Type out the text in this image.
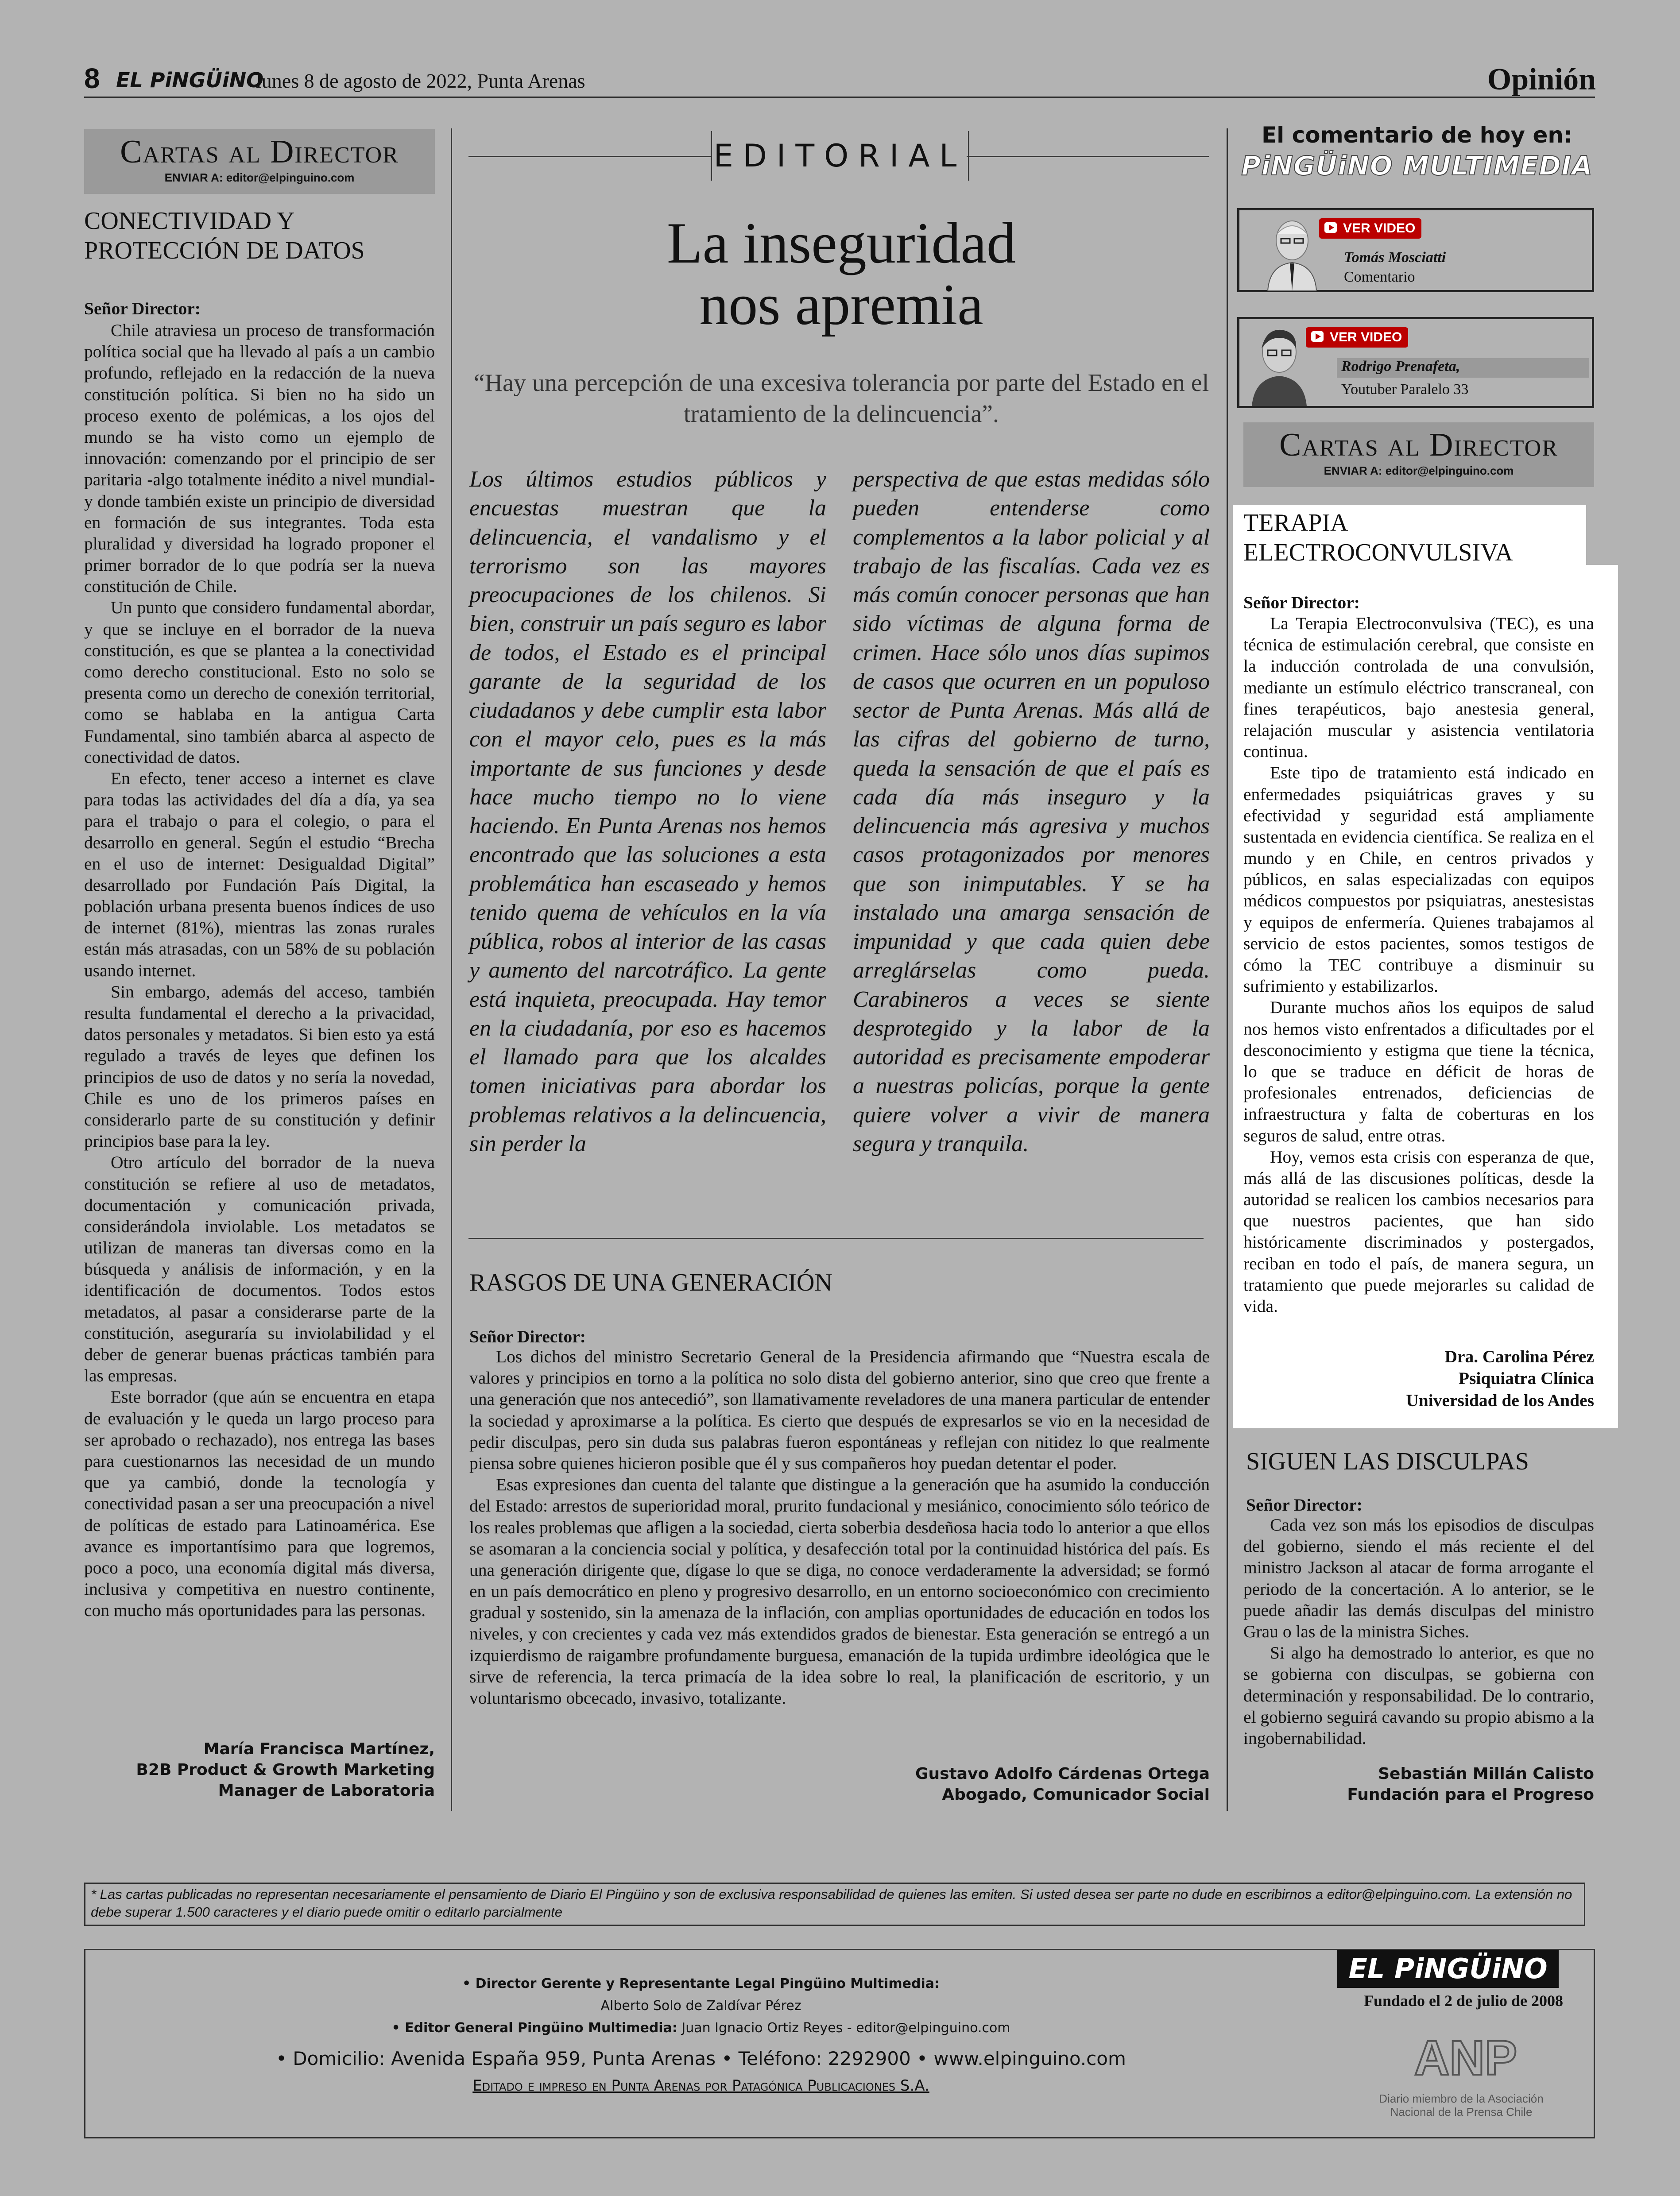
8 EL PiNGÜiNO
lunes 8 de agosto de 2022, Punta Arenas	Opinión
Cartas al Director
ENVIAR A: editor@elpinguino.com
CONECTIVIDAD Y
PROTECCIÓN DE DATOS
Señor Director:

Chile atraviesa un proceso de transformación política social que ha llevado al país a un cambio profundo, reflejado en la redacción de la nueva constitución política. Si bien no ha sido un proceso exento de polémicas, a los ojos del mundo se ha visto como un ejemplo de innovación: comenzando por el principio de ser paritaria -algo totalmente inédito a nivel mundial- y donde también existe un principio de diversidad en formación de sus integrantes. Toda esta pluralidad y diversidad ha logrado proponer el primer borrador de lo que podría ser la nueva constitución de Chile.

Un punto que considero fundamental abordar, y que se incluye en el borrador de la nueva constitución, es que se plantea a la conectividad como derecho constitucional. Esto no solo se presenta como un derecho de conexión territorial, como se hablaba en la antigua Carta Fundamental, sino también abarca al aspecto de conectividad de datos.

En efecto, tener acceso a internet es clave para todas las actividades del día a día, ya sea para el trabajo o para el colegio, o para el desarrollo en general. Según el estudio “Brecha en el uso de internet: Desigualdad Digital” desarrollado por Fundación País Digital, la población urbana presenta buenos índices de uso de internet (81%), mientras las zonas rurales están más atrasadas, con un 58% de su población usando internet.

Sin embargo, además del acceso, también resulta fundamental el derecho a la privacidad, datos personales y metadatos. Si bien esto ya está regulado a través de leyes que definen los principios de uso de datos y no sería la novedad, Chile es uno de los primeros países en considerarlo parte de su constitución y definir principios base para la ley.

Otro artículo del borrador de la nueva constitución se refiere al uso de metadatos, documentación y comunicación privada, considerándola inviolable. Los metadatos se utilizan de maneras tan diversas como en la búsqueda y análisis de información, y en la identificación de documentos. Todos estos metadatos, al pasar a considerarse parte de la constitución, aseguraría su inviolabilidad y el deber de generar buenas prácticas también para las empresas.

Este borrador (que aún se encuentra en etapa de evaluación y le queda un largo proceso para ser aprobado o rechazado), nos entrega las bases para cuestionarnos las necesidad de un mundo que ya cambió, donde la tecnología y conectividad pasan a ser una preocupación a nivel de políticas de estado para Latinoamérica. Ese avance es importantísimo para que logremos, poco a poco, una economía digital más diversa, inclusiva y competitiva en nuestro continente, con mucho más oportunidades para las personas.

María Francisca Martínez,
B2B Product & Growth Marketing
Manager de Laboratoria
EDITORIAL
La inseguridad
nos apremia
“Hay una percepción de una excesiva tolerancia por parte del Estado en el tratamiento de la delincuencia”.

Los últimos estudios públicos y encuestas muestran que la delincuencia, el vandalismo y el terrorismo son las mayores preocupaciones de los chilenos. Si bien, construir un país seguro es labor de todos, el Estado es el principal garante de la seguridad de los ciudadanos y debe cumplir esta labor con el mayor celo, pues es la más importante de sus funciones y desde hace mucho tiempo no lo viene haciendo. En Punta Arenas nos hemos encontrado que las soluciones a esta problemática han escaseado y hemos tenido quema de vehículos en la vía pública, robos al interior de las casas y aumento del narcotráfico. La gente está inquieta, preocupada. Hay temor en la ciudadanía, por eso es hacemos el llamado para que los alcaldes tomen iniciativas para abordar los problemas relativos a la delincuencia, sin perder la

perspectiva de que estas medidas sólo pueden entenderse como complementos a la labor policial y al trabajo de las fiscalías. Cada vez es más común conocer personas que han sido víctimas de alguna forma de crimen. Hace sólo unos días supimos de casos que ocurren en un populoso sector de Punta Arenas. Más allá de las cifras del gobierno de turno, queda la sensación de que el país es cada día más inseguro y la delincuencia más agresiva y muchos casos protagonizados por menores que son inimputables. Y se ha instalado una amarga sensación de impunidad y que cada quien debe arreglárselas como pueda. Carabineros a veces se siente desprotegido y la labor de la autoridad es precisamente empoderar a nuestras policías, porque la gente quiere volver a vivir de manera segura y tranquila.

RASGOS DE UNA GENERACIÓN
Señor Director:

Los dichos del ministro Secretario General de la Presidencia afirmando que “Nuestra escala de valores y principios en torno a la política no solo dista del gobierno anterior, sino que creo que frente a una generación que nos antecedió”, son llamativamente reveladores de una manera particular de entender la sociedad y aproximarse a la política. Es cierto que después de expresarlos se vio en la necesidad de pedir disculpas, pero sin duda sus palabras fueron espontáneas y reflejan con nitidez lo que realmente piensa sobre quienes hicieron posible que él y sus compañeros hoy puedan detentar el poder.

Esas expresiones dan cuenta del talante que distingue a la generación que ha asumido la conducción del Estado: arrestos de superioridad moral, prurito fundacional y mesiánico, conocimiento sólo teórico de los reales problemas que afligen a la sociedad, cierta soberbia desdeñosa hacia todo lo anterior a que ellos se asomaran a la conciencia social y política, y desafección total por la continuidad histórica del país. Es una generación dirigente que, dígase lo que se diga, no conoce verdaderamente la adversidad; se formó en un país democrático en pleno y progresivo desarrollo, en un entorno socioeconómico con crecimiento gradual y sostenido, sin la amenaza de la inflación, con amplias oportunidades de educación en todos los niveles, y con crecientes y cada vez más extendidos grados de bienestar. Esta generación se entregó a un izquierdismo de raigambre profundamente burguesa, emanación de la tupida urdimbre ideológica que le sirve de referencia, la terca primacía de la idea sobre lo real, la planificación de escritorio, y un voluntarismo obcecado, invasivo, totalizante.

Gustavo Adolfo Cárdenas Ortega
Abogado, Comunicador Social
El comentario de hoy en:
PiNGÜiNO MULTIMEDIA
VER VIDEO
Tomás Mosciatti
Comentario
VER VIDEO
Rodrigo Prenafeta,
Youtuber Paralelo 33
Cartas al Director
ENVIAR A: editor@elpinguino.com
TERAPIA
ELECTROCONVULSIVA
Señor Director:

La Terapia Electroconvulsiva (TEC), es una técnica de estimulación cerebral, que consiste en la inducción controlada de una convulsión, mediante un estímulo eléctrico transcraneal, con fines terapéuticos, bajo anestesia general, relajación muscular y asistencia ventilatoria continua.

Este tipo de tratamiento está indicado en enfermedades psiquiátricas graves y su efectividad y seguridad está ampliamente sustentada en evidencia científica. Se realiza en el mundo y en Chile, en centros privados y públicos, en salas especializadas con equipos médicos compuestos por psiquiatras, anestesistas y equipos de enfermería. Quienes trabajamos al servicio de estos pacientes, somos testigos de cómo la TEC contribuye a disminuir su sufrimiento y estabilizarlos.

Durante muchos años los equipos de salud nos hemos visto enfrentados a dificultades por el desconocimiento y estigma que tiene la técnica, lo que se traduce en déficit de horas de profesionales entrenados, deficiencias de infraestructura y falta de coberturas en los seguros de salud, entre otras.

Hoy, vemos esta crisis con esperanza de que, más allá de las discusiones políticas, desde la autoridad se realicen los cambios necesarios para que nuestros pacientes, que han sido históricamente discriminados y postergados, reciban en todo el país, de manera segura, un tratamiento que puede mejorarles su calidad de vida.

Dra. Carolina Pérez
Psiquiatra Clínica
Universidad de los Andes
SIGUEN LAS DISCULPAS
Señor Director:

Cada vez son más los episodios de disculpas del gobierno, siendo el más reciente el del ministro Jackson al atacar de forma arrogante el periodo de la concertación. A lo anterior, se le puede añadir las demás disculpas del ministro Grau o las de la ministra Siches.

Si algo ha demostrado lo anterior, es que no se gobierna con disculpas, se gobierna con determinación y responsabilidad. De lo contrario, el gobierno seguirá cavando su propio abismo a la ingobernabilidad.

Sebastián Millán Calisto
Fundación para el Progreso
* Las cartas publicadas no representan necesariamente el pensamiento de Diario El Pingüino y son de exclusiva responsabilidad de quienes las emiten. Si usted desea ser parte no dude en escribirnos a editor@elpinguino.com. La extensión no debe superar 1.500 caracteres y el diario puede omitir o editarlo parcialmente
• Director Gerente y Representante Legal Pingüino Multimedia:
Alberto Solo de Zaldívar Pérez
• Editor General Pingüino Multimedia: Juan Ignacio Ortiz Reyes - editor@elpinguino.com
• Domicilio: Avenida España 959, Punta Arenas • Teléfono: 2292900 • www.elpinguino.com
Editado e impreso en Punta Arenas por Patagónica Publicaciones S.A.
EL PiNGÜiNO
Fundado el 2 de julio de 2008
ANP
Diario miembro de la Asociación
Nacional de la Prensa Chile
